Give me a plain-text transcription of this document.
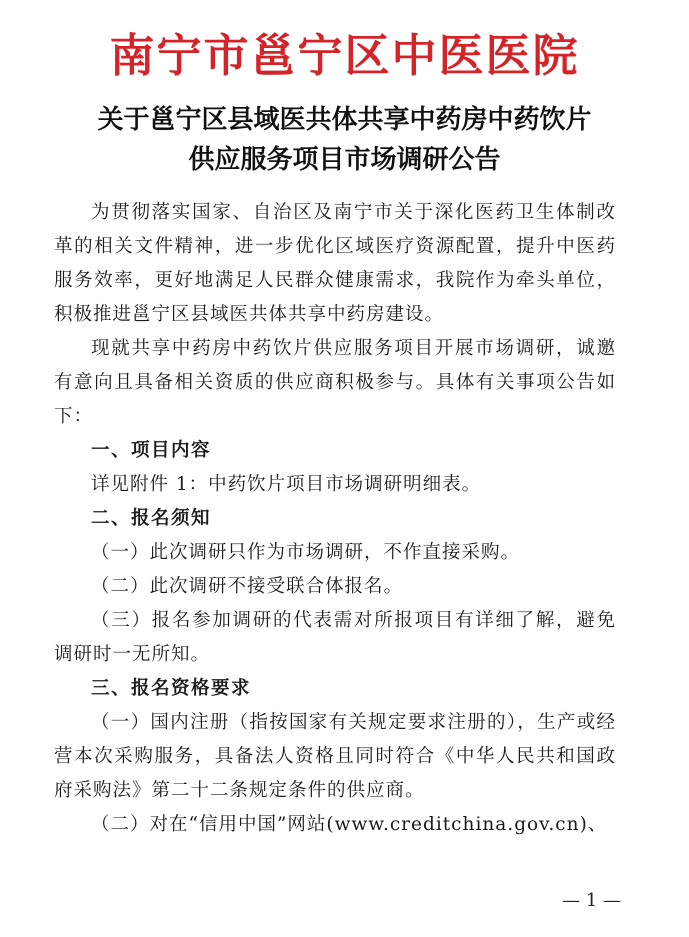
南宁市邕宁区中医医院
关于邕宁区县域医共体共享中药房中药饮片
供应服务项目市场调研公告

为贯彻落实国家、自治区及南宁市关于深化医药卫生体制改革的相关文件精神，进一步优化区域医疗资源配置，提升中医药服务效率，更好地满足人民群众健康需求，我院作为牵头单位，积极推进邕宁区县域医共体共享中药房建设。

现就共享中药房中药饮片供应服务项目开展市场调研，诚邀有意向且具备相关资质的供应商积极参与。具体有关事项公告如下：

一、项目内容

详见附件 1：中药饮片项目市场调研明细表。

二、报名须知

（一）此次调研只作为市场调研，不作直接采购。

（二）此次调研不接受联合体报名。

（三）报名参加调研的代表需对所报项目有详细了解，避免调研时一无所知。

三、报名资格要求

（一）国内注册（指按国家有关规定要求注册的），生产或经营本次采购服务，具备法人资格且同时符合《中华人民共和国政府采购法》第二十二条规定条件的供应商。

（二）对在“信用中国”网站(www.creditchina.gov.cn)、

— 1 —
